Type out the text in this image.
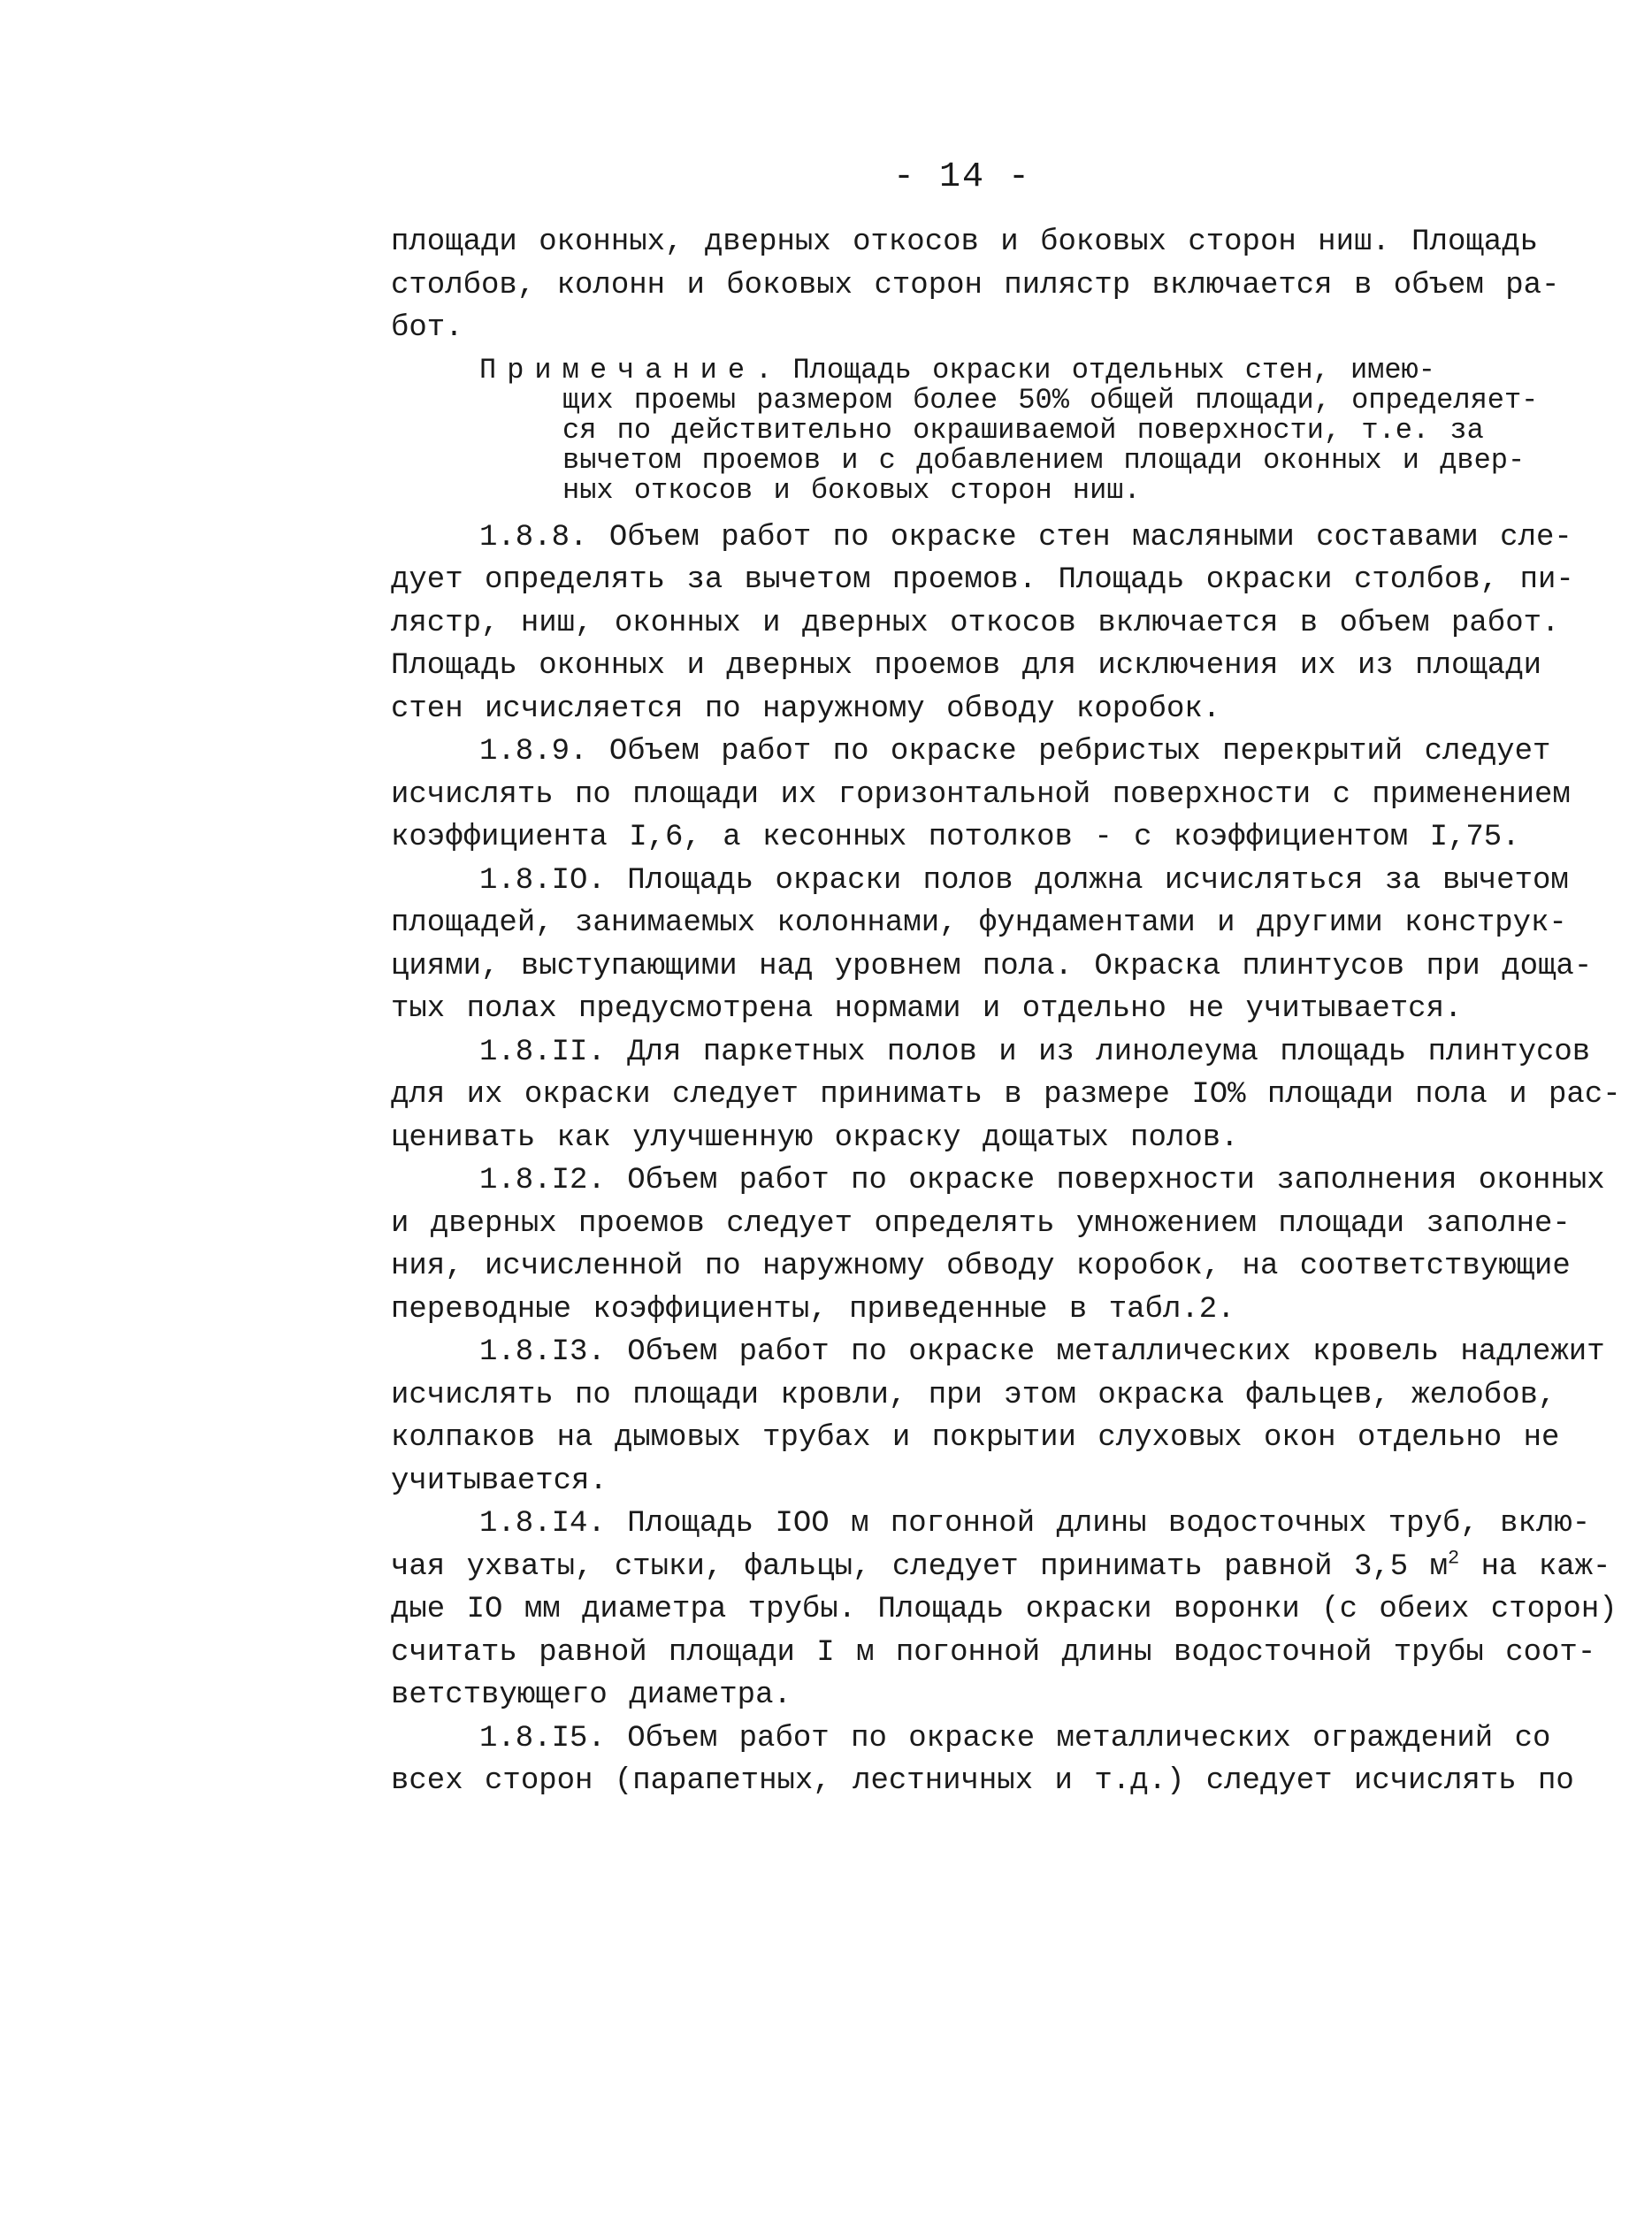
- 14 -
площади оконных, дверных откосов и боковых сторон ниш. Площадь
столбов, колонн и боковых сторон пилястр включается в объем ра-
бот.
Примечание. Площадь окраски отдельных стен, имею-
щих проемы размером более 50% общей площади, определяет-
ся по действительно окрашиваемой поверхности, т.е. за
вычетом проемов и с добавлением площади оконных и двер-
ных откосов и боковых сторон ниш.
1.8.8. Объем работ по окраске стен масляными составами сле-
дует определять за вычетом проемов. Площадь окраски столбов, пи-
лястр, ниш, оконных и дверных откосов включается в объем работ.
Площадь оконных и дверных проемов для исключения их из площади
стен исчисляется по наружному обводу коробок.
1.8.9. Объем работ по окраске ребристых перекрытий следует
исчислять по площади их горизонтальной поверхности с применением
коэффициента I,6, а кесонных потолков - с коэффициентом I,75.
1.8.IO. Площадь окраски полов должна исчисляться за вычетом
площадей, занимаемых колоннами, фундаментами и другими конструк-
циями, выступающими над уровнем пола. Окраска плинтусов при доща-
тых полах предусмотрена нормами и отдельно не учитывается.
1.8.II. Для паркетных полов и из линолеума площадь плинтусов
для их окраски следует принимать в размере IO% площади пола и рас-
ценивать как улучшенную окраску дощатых полов.
1.8.I2. Объем работ по окраске поверхности заполнения оконных
и дверных проемов следует определять умножением площади заполне-
ния, исчисленной по наружному обводу коробок, на соответствующие
переводные коэффициенты, приведенные в табл.2.
1.8.I3. Объем работ по окраске металлических кровель надлежит
исчислять по площади кровли, при этом окраска фальцев, желобов,
колпаков на дымовых трубах и покрытии слуховых окон отдельно не
учитывается.
1.8.I4. Площадь IOO м погонной длины водосточных труб, вклю-
чая ухваты, стыки, фальцы, следует принимать равной 3,5 $м^2$ на каж-
дые IO мм диаметра трубы. Площадь окраски воронки (с обеих сторон)
считать равной площади I м погонной длины водосточной трубы соот-
ветствующего диаметра.
1.8.I5. Объем работ по окраске металлических ограждений со
всех сторон (парапетных, лестничных и т.д.) следует исчислять по
